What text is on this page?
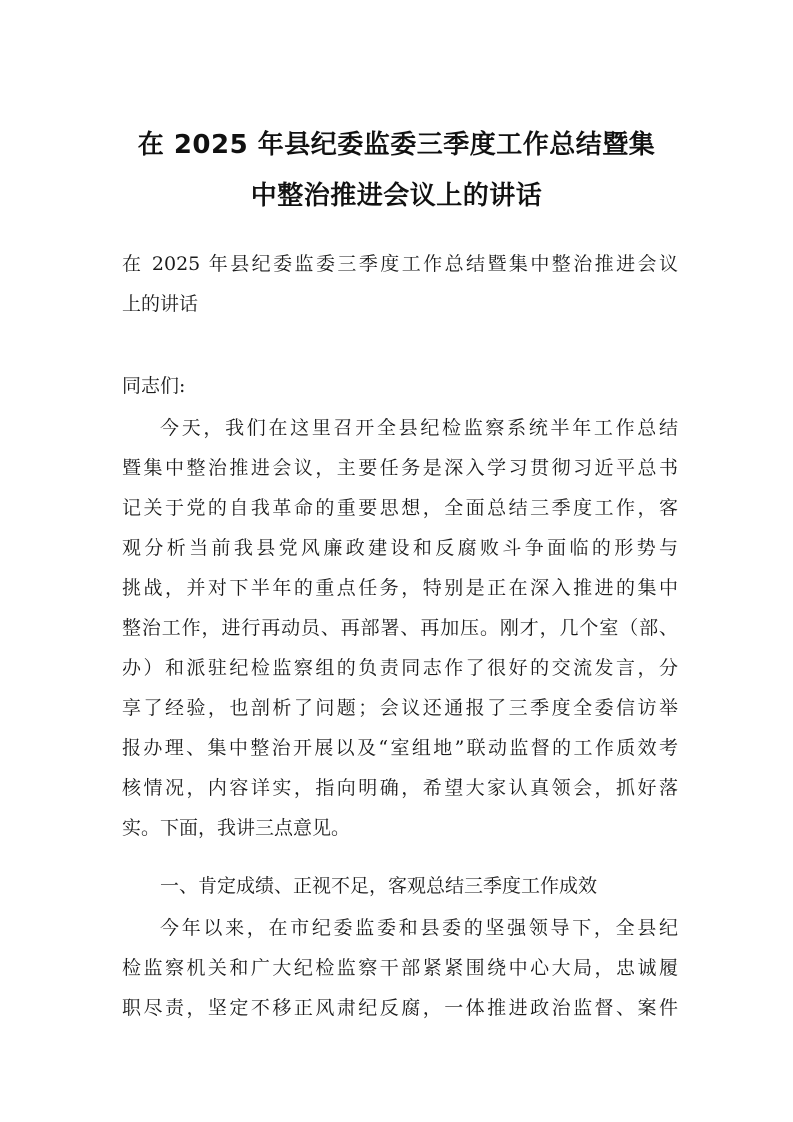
在 2025 年县纪委监委三季度工作总结暨集
中整治推进会议上的讲话
在 2025 年县纪委监委三季度工作总结暨集中整治推进会议
上的讲话
同志们:
今天，我们在这里召开全县纪检监察系统半年工作总结
暨集中整治推进会议，主要任务是深入学习贯彻习近平总书
记关于党的自我革命的重要思想，全面总结三季度工作，客
观分析当前我县党风廉政建设和反腐败斗争面临的形势与
挑战，并对下半年的重点任务，特别是正在深入推进的集中
整治工作，进行再动员、再部署、再加压。刚才，几个室（部、
办）和派驻纪检监察组的负责同志作了很好的交流发言，分
享了经验，也剖析了问题；会议还通报了三季度全委信访举
报办理、集中整治开展以及“室组地”联动监督的工作质效考
核情况，内容详实，指向明确，希望大家认真领会，抓好落
实。下面，我讲三点意见。
一、肯定成绩、正视不足，客观总结三季度工作成效
今年以来，在市纪委监委和县委的坚强领导下，全县纪
检监察机关和广大纪检监察干部紧紧围绕中心大局，忠诚履
职尽责，坚定不移正风肃纪反腐，一体推进政治监督、案件
